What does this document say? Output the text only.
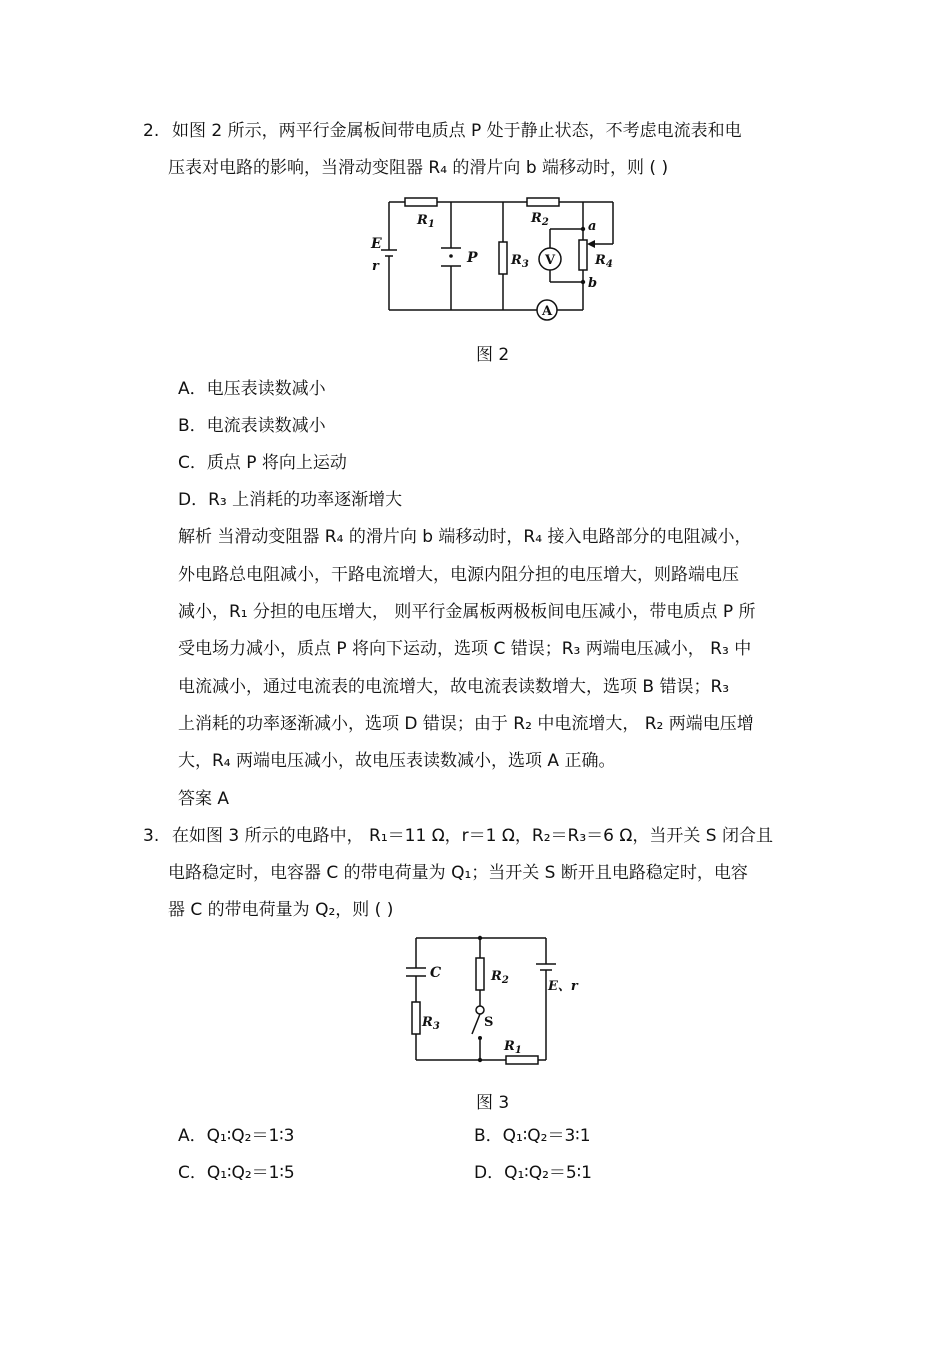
2. 如图 2 所示，两平行金属板间带电质点 P 处于静止状态，不考虑电流表和电
压表对电路的影响，当滑动变阻器 R₄ 的滑片向 b 端移动时，则 ( )
E
r
$R_1$
P	$R_3$
$R_2$
V	$R_4$
a
b
A
图 2
A．电压表读数减小
B．电流表读数减小
C．质点 P 将向上运动
D．R₃ 上消耗的功率逐渐增大
解析 当滑动变阻器 R₄ 的滑片向 b 端移动时，R₄ 接入电路部分的电阻减小，
外电路总电阻减小，干路电流增大，电源内阻分担的电压增大，则路端电压
减小，R₁ 分担的电压增大， 则平行金属板两极板间电压减小，带电质点 P 所
受电场力减小，质点 P 将向下运动，选项 C 错误；R₃ 两端电压减小， R₃ 中
电流减小，通过电流表的电流增大，故电流表读数增大，选项 B 错误；R₃
上消耗的功率逐渐减小，选项 D 错误；由于 R₂ 中电流增大， R₂ 两端电压增
大，R₄ 两端电压减小，故电压表读数减小，选项 A 正确。
答案 A
3. 在如图 3 所示的电路中， R₁＝11 Ω，r＝1 Ω，R₂＝R₃＝6 Ω，当开关 S 闭合且
电路稳定时，电容器 C 的带电荷量为 Q₁；当开关 S 断开且电路稳定时，电容
器 C 的带电荷量为 Q₂，则 ( )
C
$R_3$
$R_2$
S
E、r
$R_1$
图 3
A．Q₁∶Q₂＝1∶3	B．Q₁∶Q₂＝3∶1
C．Q₁∶Q₂＝1∶5	D．Q₁∶Q₂＝5∶1
